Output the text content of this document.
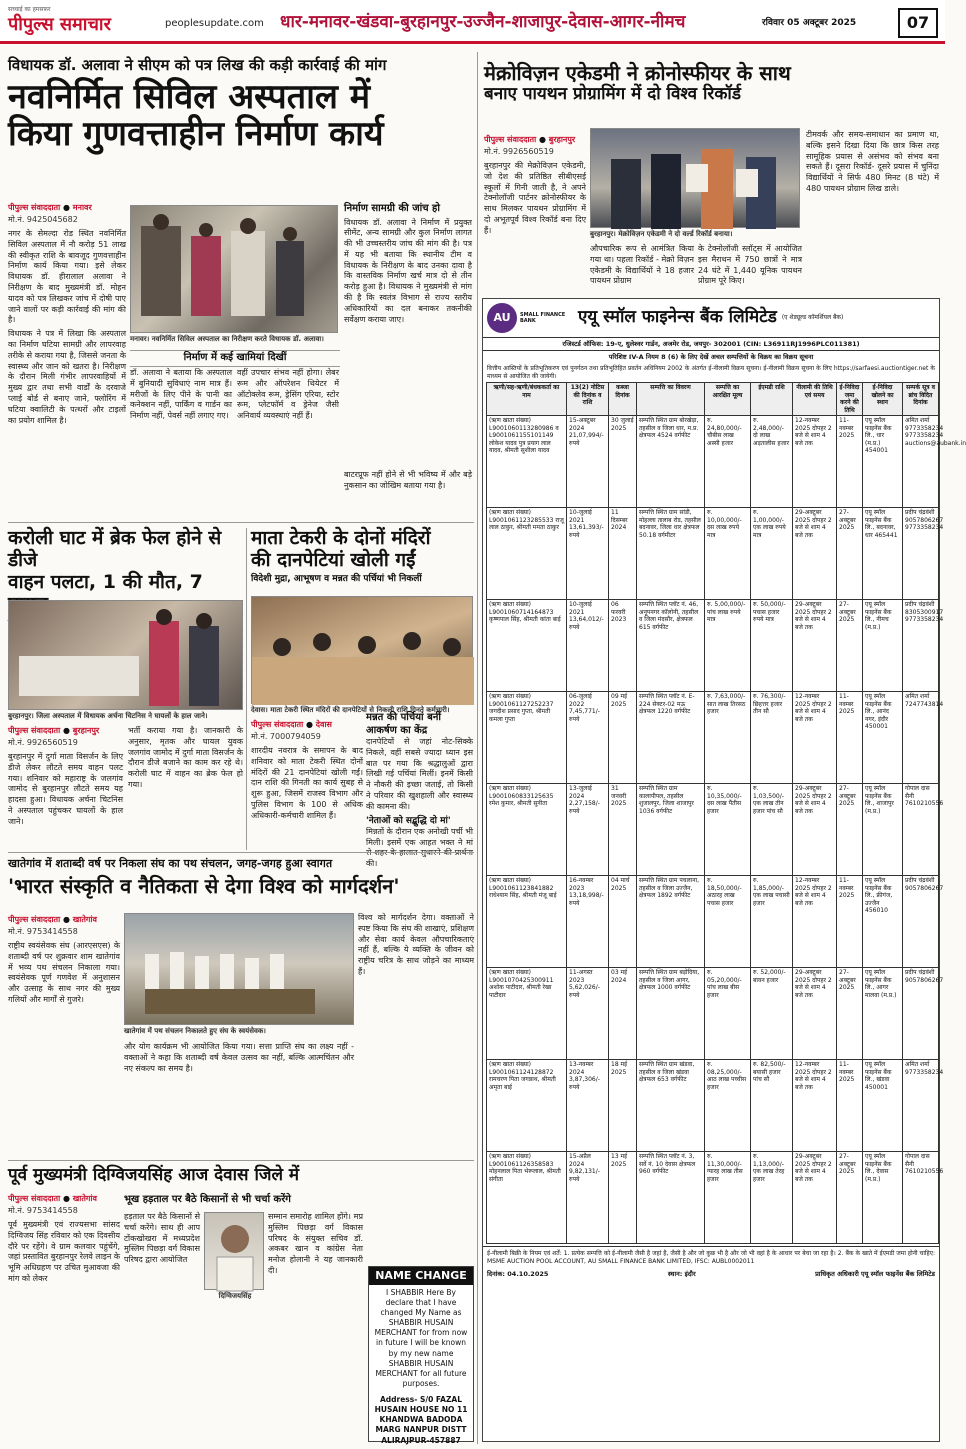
सच्चाई का हमसफ़र
पीपुल्स समाचार	peoplesupdate.com धार-मनावर-खंडवा-बुरहानपुर-उज्जैन-शाजापुर-देवास-आगर-नीमच	रविवार 05 अक्टूबर 2025	07
विधायक डॉ. अलावा ने सीएम को पत्र लिख की कड़ी कार्रवाई की मांग
नवनिर्मित सिविल अस्पताल में
किया गुणवत्ताहीन निर्माण कार्य
पीपुल्स संवाददाता ● मनावर
मो.नं. 9425045682
नगर के सेमल्दा रोड स्थित नवनिर्मित सिविल अस्पताल में नौ करोड़ 51 लाख की स्वीकृत राशि के बावजूद गुणवत्ताहीन निर्माण कार्य किया गया। इसे लेकर विधायक डॉ. हीरालाल अलावा ने निरीक्षण के बाद मुख्यमंत्री डॉ. मोहन यादव को पत्र लिखकर जांच में दोषी पाए जाने वालों पर कड़ी कार्रवाई की मांग की है।
विधायक ने पत्र में लिखा कि अस्पताल का निर्माण घटिया सामग्री और लापरवाह तरीके से कराया गया है, जिससे जनता के स्वास्थ्य और जान को खतरा है। निरीक्षण के दौरान मिली गंभीर लापरवाहियों में मुख्य द्वार तथा सभी वार्डों के दरवाजे प्लाई बोर्ड से बनाए जाने, फ्लोरिंग में घटिया क्वालिटी के पत्थरों और टाइलों का प्रयोग शामिल है।
मनावर। नवनिर्मित सिविल अस्पताल का निरीक्षण करते विधायक डॉ. अलावा।
निर्माण सामग्री की जांच हो
विधायक डॉ. अलावा ने निर्माण में प्रयुक्त सीमेंट, अन्य सामग्री और कुल निर्माण लागत की भी उच्चस्तरीय जांच की मांग की है। पत्र में यह भी बताया कि स्थानीय टीम व विधायक के निरीक्षण के बाद उनका दावा है कि वास्तविक निर्माण खर्च मात्र दो से तीन करोड़ हुआ है। विधायक ने मुख्यमंत्री से मांग की है कि स्वतंत्र विभाग से राज्य स्तरीय अधिकारियों का दल बनाकर तकनीकी सर्वेक्षण कराया जाए।
निर्माण में कई खामियां दिखीं
डॉ. अलावा ने बताया कि अस्पताल में बुनियादी सुविधाएं नाम मात्र हैं। मरीजों के लिए पीने के पानी का कनेक्शन नहीं, पार्किंग व गार्डन का निर्माण नहीं, पेवर्स नहीं लगाए गए।
वहीं उपचार संभव नहीं होगा। लेबर रूम और ऑपरेशन थियेटर में ऑटोक्लेव रूम, ड्रेसिंग एरिया, स्टोर रूम, प्लेटफॉर्म व ड्रेनेज जैसी अनिवार्य व्यवस्थाएं नहीं हैं।
बाटरप्रूफ नहीं होने से भी भविष्य में और बड़े नुकसान का जोखिम बताया गया है।
मेक्रोविज़न एकेडमी ने क्रोनोस्फीयर के साथ
बनाए पायथन प्रोग्रामिंग में दो विश्व रिकॉर्ड
पीपुल्स संवाददाता ● बुरहानपुर
मो.नं. 9926560519
बुरहानपुर की मेक्रोविज़न एकेडमी, जो देश की प्रतिष्ठित सीबीएसई स्कूलों में गिनी जाती है, ने अपने टेक्नोलॉजी पार्टनर क्रोनोस्फीयर के साथ मिलकर पायथन प्रोग्रामिंग में दो अभूतपूर्व विश्व रिकॉर्ड बना दिए हैं।	बुरहानपुर। मेक्रोविज़न एकेडमी ने दो वर्ल्ड रिकॉर्ड बनाया।
औपचारिक रूप से आमंत्रित किया गया था। पहला रिकॉर्ड - मेक्रो विज़न एकेडमी के विद्यार्थियों ने 18 हजार पायथन प्रोग्राम
के टेक्नोलॉजी स्लॉट्स में आयोजित इस मैराथन में 750 छात्रों ने मात्र 24 घंटे में 1,440 यूनिक पायथन प्रोग्राम पूरे किए।
टीमवर्क और समय-समाधान का प्रमाण था, बल्कि इसने दिखा दिया कि छात्र किस तरह सामूहिक प्रयास से असंभव को संभव बना सकते हैं। दूसरा रिकॉर्ड- दूसरे प्रयास में चुनिंदा विद्यार्थियों ने सिर्फ 480 मिनट (8 घंटे) में 480 पायथन प्रोग्राम लिख डाले।
AU	SMALL FINANCE BANK	एयू स्मॉल फाइनेन्स बैंक लिमिटेड (ए शेड्यूल्ड कॉमर्शियल बैंक)
रजिस्टर्ड ऑफिस: 19-ए, धुलेश्वर गार्डन, अजमेर रोड, जयपुर- 302001 (CIN: L36911RJ1996PLC011381)
परिशिष्ट IV-A नियम 8 (6) के लिए देखें अचल सम्पत्तियों के विक्रय का विक्रय सूचना
वित्तीय आस्तियों के प्रतिभूतिकरण एवं पुनर्गठन तथा प्रतिभूतिहित प्रवर्तन अधिनियम 2002 के अंतर्गत ई-नीलामी विक्रय सूचना। ई-नीलामी विक्रय सूचना के लिए https://sarfaesi.auctiontiger.net के माध्यम से आयोजित की जायेगी।
ऋणी/सह-ऋणी/बंधककर्ता का नाम	13(2) नोटिस की दिनांक व राशि	कब्जा दिनांक	सम्पत्ति का विवरण	सम्पत्ति का आरक्षित मूल्य	ईएमडी राशि	नीलामी की तिथि एवं समय	ई-निविदा जमा करने की तिथि	ई-निविदा खोलने का स्थान	सम्पर्क सूत्र व ब्रांच विदित दिनांक
(ऋण खाता संख्या) L9001060113280986 व L9001061155101149 लोकेश यादव पुत्र प्रयाग लाल यादव, श्रीमती सुशीला यादव	15-अक्टूबर 2024 21,07,994/- रुपये	30 जुलाई 2025	सम्पत्ति स्थित ग्राम बोरखेड़ा, तहसील व जिला धार, म.प्र. क्षेत्रफल 4524 वर्गफीट	रु. 24,80,000/- चौबीस लाख अस्सी हजार	रु. 2,48,000/- दो लाख अड़तालीस हजार	12-नवम्बर 2025 दोपहर 2 बजे से शाम 4 बजे तक	11-नवम्बर 2025	एयू स्मॉल फाइनेंस बैंक लि., धार (म.प्र.) 454001	अमित शर्मा 9773358234 9773358234 auctions@aubank.in
(ऋण खाता संख्या) L9001061123285533 राजू लाल ठाकुर, श्रीमती ममता ठाकुर	10-जुलाई 2021 13,61,393/- रुपये	11 दिसम्बर 2024	सम्पत्ति स्थित ग्राम सांडी, मोहल्ला तालाब रोड, तहसील बदनावर, जिला धार क्षेत्रफल 50.18 वर्गमीटर	रु. 10,00,000/- दस लाख रुपये मात्र	रु. 1,00,000/- एक लाख रुपये मात्र	29-अक्टूबर 2025 दोपहर 2 बजे से शाम 4 बजे तक	27-अक्टूबर 2025	एयू स्मॉल फाइनेंस बैंक लि., बदनावर, धार 465441	प्रदीप चंद्रवंशी 9057806267 9773358234
(ऋण खाता संख्या) L9001060714164873 कृष्णपाल सिंह, श्रीमती कांता बाई	10-जुलाई 2021 13,64,012/- रुपये	06 फरवरी 2023	सम्पत्ति स्थित प्लॉट नं. 46, अनूपनगर कॉलोनी, तहसील व जिला मंदसौर, क्षेत्रफल 615 वर्गफीट	रु. 5,00,000/- पांच लाख रुपये मात्र	रु. 50,000/- पचास हजार रुपये मात्र	29-अक्टूबर 2025 दोपहर 2 बजे से शाम 4 बजे तक	27-अक्टूबर 2025	एयू स्मॉल फाइनेंस बैंक लि., नीमच (म.प्र.)	प्रदीप चंद्रवंशी 8305300917 9773358234
(ऋण खाता संख्या) L9001061127252237 जगदीश प्रसाद गुप्ता, श्रीमती कमला गुप्ता	06-जुलाई 2022 7,45,771/- रुपये	09 मई 2025	सम्पत्ति स्थित प्लॉट नं. E-224 सेक्टर-02 मऊ क्षेत्रफल 1220 वर्गफीट	रु. 7,63,000/- सात लाख तिरसठ हजार	रु. 76,300/- छिहत्तर हजार तीन सौ	12-नवम्बर 2025 दोपहर 2 बजे से शाम 4 बजे तक	11-नवम्बर 2025	एयू स्मॉल फाइनेंस बैंक लि., आनंद नगर, इंदौर 450001	अमित शर्मा 7247743814
(ऋण खाता संख्या) L9001060833125635 रमेश कुमार, श्रीमती सुनीता	13-जुलाई 2024 2,27,158/- रुपये	31 जनवरी 2025	सम्पत्ति स्थित ग्राम कालापीपल, तहसील शुजालपुर, जिला शाजापुर 1036 वर्गफीट	रु. 10,35,000/- दस लाख पैंतीस हजार	रु. 1,03,500/- एक लाख तीन हजार पांच सौ	29-अक्टूबर 2025 दोपहर 2 बजे से शाम 4 बजे तक	27-अक्टूबर 2025	एयू स्मॉल फाइनेंस बैंक लि., शाजापुर (म.प्र.)	गोपाल दास सैनी 7610210556
(ऋण खाता संख्या) L9001061123841882 राधेश्याम सिंह, श्रीमती मंजू बाई	16-नवम्बर 2023 13,18,998/- रुपये	04 मार्च 2025	सम्पत्ति स्थित ग्राम पचलाना, तहसील व जिला उज्जैन, क्षेत्रफल 1892 वर्गफीट	रु. 18,50,000/- अठारह लाख पचास हजार	रु. 1,85,000/- एक लाख पचासी हजार	12-नवम्बर 2025 दोपहर 2 बजे से शाम 4 बजे तक	11-नवम्बर 2025	एयू स्मॉल फाइनेंस बैंक लि., फ्रीगंज, उज्जैन 456010	प्रदीप चंद्रवंशी 9057806267
(ऋण खाता संख्या) L9001070425300911 अशोक पाटीदार, श्रीमती रेखा पाटीदार	11-अगस्त 2023 5,62,026/- रुपये	03 मई 2024	सम्पत्ति स्थित ग्राम बड़ोदिया, तहसील व जिला आगर, क्षेत्रफल 1000 वर्गफीट	रु. 05,20,000/- पांच लाख बीस हजार	रु. 52,000/- बावन हजार	29-अक्टूबर 2025 दोपहर 2 बजे से शाम 4 बजे तक	27-अक्टूबर 2025	एयू स्मॉल फाइनेंस बैंक लि., आगर मालवा (म.प्र.)	प्रदीप चंद्रवंशी 9057806267
(ऋण खाता संख्या) L9001061124128872 रामचरण पिता जगन्नाथ, श्रीमती अमृता बाई	13-नवम्बर 2024 3,87,306/- रुपये	18 मई 2025	सम्पत्ति स्थित ग्राम खंडवा, तहसील व जिला खंडवा क्षेत्रफल 653 वर्गफीट	रु. 08,25,000/- आठ लाख पच्चीस हजार	रु. 82,500/- बयासी हजार पांच सौ	12-नवम्बर 2025 दोपहर 2 बजे से शाम 4 बजे तक	11-नवम्बर 2025	एयू स्मॉल फाइनेंस बैंक लि., खंडवा 450001	अमित शर्मा 9773358234
(ऋण खाता संख्या) L9001061126358583 मोहनलाल पिता भेरूलाल, श्रीमती संगीता	15-अप्रैल 2024 9,82,131/- रुपये	13 मई 2025	सम्पत्ति स्थित प्लॉट नं. 3, सर्वे नं. 10 देवास क्षेत्रफल 960 वर्गफीट	रु. 11,30,000/- ग्यारह लाख तीस हजार	रु. 1,13,000/- एक लाख तेरह हजार	29-अक्टूबर 2025 दोपहर 2 बजे से शाम 4 बजे तक	27-अक्टूबर 2025	एयू स्मॉल फाइनेंस बैंक लि., देवास (म.प्र.)	गोपाल दास सैनी 7610210556
ई-नीलामी बिक्री के नियम एवं शर्तें: 1. प्रत्येक सम्पत्ति को ई-नीलामी जैसी है जहां है, जैसी है और जो कुछ भी है और जो भी वहां है के आधार पर बेचा जा रहा है। 2. बैंक के खाते में ईएमडी जमा होनी चाहिए: MSME AUCTION POOL ACCOUNT, AU SMALL FINANCE BANK LIMITED, IFSC: AUBL0002011
दिनांक: 04.10.2025	स्थान: इंदौर	प्राधिकृत अधिकारी एयू स्मॉल फाइनेंस बैंक लिमिटेड
करोली घाट में ब्रेक फेल होने से डीजे
वाहन पलटा, 1 की मौत, 7
बुरहानपुर। जिला अस्पताल में विधायक अर्चना चिटनिस ने घायलों के हाल जाने।
पीपुल्स संवाददाता ● बुरहानपुर
मो.नं. 9926560519
बुरहानपुर में दुर्गा माता विसर्जन के लिए डीजे लेकर लौटते समय वाहन पलट गया। शनिवार को महाराष्ट्र के जलगांव जामोद से बुरहानपुर लौटते समय यह हादसा हुआ। विधायक अर्चना चिटनिस ने अस्पताल पहुंचकर घायलों के हाल जाने।
भर्ती कराया गया है। जानकारी के अनुसार, मृतक और घायल युवक जलगांव जामोद में दुर्गा माता विसर्जन के दौरान डीजे बजाने का काम कर रहे थे। करोली घाट में वाहन का ब्रेक फेल हो गया।
माता टेकरी के दोनों मंदिरों
की दानपेटियां खोली गईं
विदेशी मुद्रा, आभूषण व मन्नत की पर्चियां भी निकलीं
देवास। माता टेकरी स्थित मंदिरों की दानपेटियों से निकली राशि गिनते कर्मचारी।
पीपुल्स संवाददाता ● देवास
मो.नं. 7000794059
शारदीय नवरात्र के समापन के बाद शनिवार को माता टेकरी स्थित दोनों मंदिरों की 21 दानपेटियां खोली गईं। दान राशि की गिनती का कार्य सुबह से शुरू हुआ, जिसमें राजस्व विभाग और पुलिस विभाग के 100 से अधिक अधिकारी-कर्मचारी शामिल हैं।
मन्नत की पर्चियां बनीं आकर्षण का केंद्र
दानपेटियों से जहां नोट-सिक्के निकले, वहीं सबसे ज्यादा ध्यान इस बात पर गया कि श्रद्धालुओं द्वारा लिखी गई पर्चियां मिलीं। इनमें किसी ने नौकरी की इच्छा जताई, तो किसी ने परिवार की खुशहाली और स्वास्थ्य की कामना की।
'नेताओं को सद्बुद्धि दो मां'
मिन्नतों के दौरान एक अनोखी पर्ची भी मिली। इसमें एक आहत भक्त ने मां की।
खातेगांव में शताब्दी वर्ष पर निकला संघ का पथ संचलन, जगह-जगह हुआ स्वागत
'भारत संस्कृति व नैतिकता से देगा विश्व को मार्गदर्शन'
पीपुल्स संवाददाता ● खातेगांव
मो.नं. 9753414558
राष्ट्रीय स्वयंसेवक संघ (आरएसएस) के शताब्दी वर्ष पर शुक्रवार शाम खातेगांव में भव्य पथ संचलन निकाला गया। स्वयंसेवक पूर्ण गणवेश में अनुशासन और उत्साह के साथ नगर की मुख्य गलियों और मार्गों से गुजरे।
खातेगांव में पथ संचलन निकालते हुए संघ के स्वयंसेवक।
विश्व को मार्गदर्शन देगा। वक्ताओं ने स्पष्ट किया कि संघ की शाखाएं, प्रशिक्षण और सेवा कार्य केवल औपचारिकताएं नहीं हैं, बल्कि ये व्यक्ति के जीवन को राष्ट्रीय चरित्र के साथ जोड़ने का माध्यम हैं।
और योग कार्यक्रम भी आयोजित किया गया। सत्ता प्राप्ति संघ का लक्ष्य नहीं - वक्ताओं ने कहा कि शताब्दी वर्ष केवल उत्सव का नहीं, बल्कि आत्मचिंतन और नए संकल्प का समय है।
पूर्व मुख्यमंत्री दिग्विजयसिंह आज देवास जिले में
पीपुल्स संवाददाता ● खातेगांव
मो.नं. 9753414558
पूर्व मुख्यमंत्री एवं राज्यसभा सांसद दिग्विजय सिंह रविवार को एक दिवसीय दौरे पर रहेंगे। वे ग्राम कलवार पहुंचेंगे, जहां प्रस्तावित बुरहानपुर रेलवे लाइन के भूमि अधिग्रहण पर उचित मुआवजा की मांग को लेकर
भूख हड़ताल पर बैठे किसानों से भी चर्चा करेंगे
हड़ताल पर बैठे किसानों से चर्चा करेंगे। साथ ही आप टोंकखोखरा में मध्यप्रदेश मुस्लिम पिछड़ा वर्ग विकास परिषद द्वारा आयोजित
दिग्विजयसिंह
सम्मान समारोह शामिल होंगे। मप्र मुस्लिम पिछड़ा वर्ग विकास परिषद के संयुक्त सचिव डॉ. अकबर खान व कांग्रेस नेता मनोज होलानी ने यह जानकारी दी।	NAME CHANGE
I SHABBIR Here By declare that I have changed My Name as SHABBIR HUSAIN MERCHANT for from now in future I will be known by my new name SHABBIR HUSAIN MERCHANT for all future purposes.
Address- S/0 FAZAL HUSAIN HOUSE NO 11 KHANDWA BADODA MARG NANPUR DISTT ALIRAJPUR-457887
